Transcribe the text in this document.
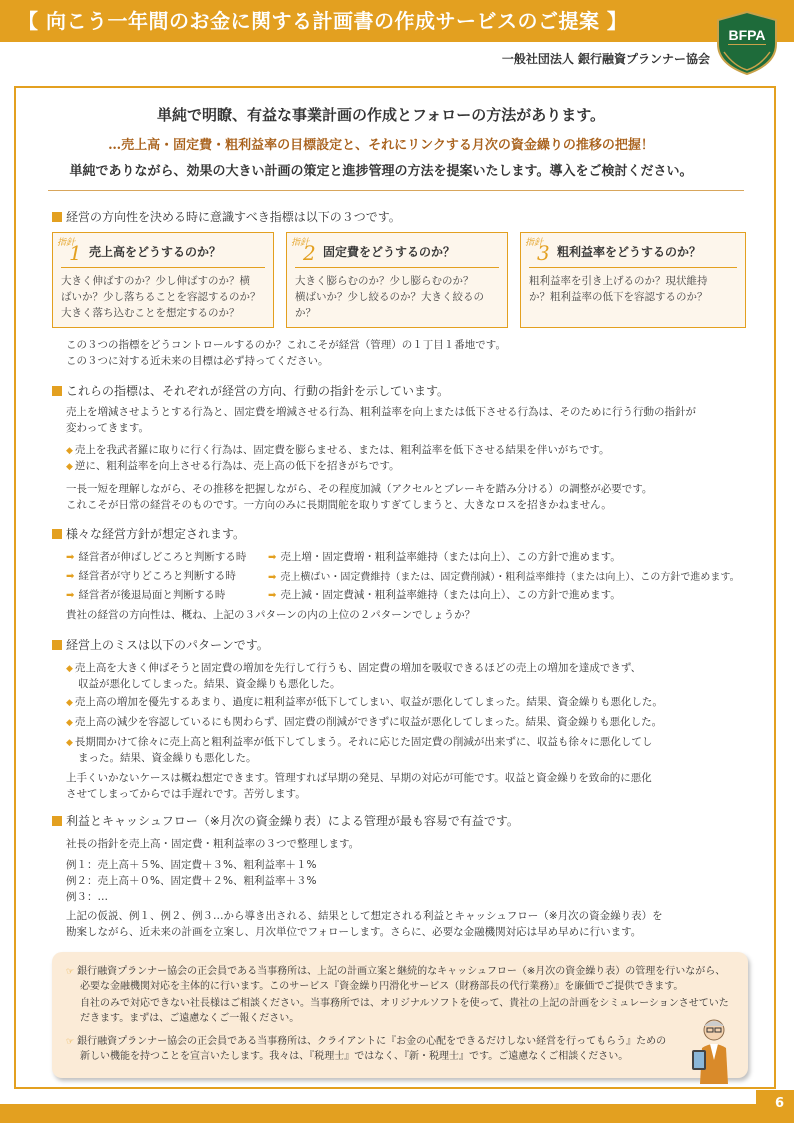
【 向こう一年間のお金に関する計画書の作成サービスのご提案 】
一般社団法人 銀行融資プランナー協会
BFPA
単純で明瞭、有益な事業計画の作成とフォローの方法があります。
…売上高・固定費・粗利益率の目標設定と、それにリンクする月次の資金繰りの推移の把握！
単純でありながら、効果の大きい計画の策定と進捗管理の方法を提案いたします。導入をご検討ください。
経営の方向性を決める時に意識すべき指標は以下の３つです。
指針
1 売上高をどうするのか？
大きく伸ばすのか？少し伸ばすのか？横
ばいか？少し落ちることを容認するのか？
大きく落ち込むことを想定するのか？
指針
2 固定費をどうするのか？
大きく膨らむのか？少し膨らむのか？
横ばいか？少し絞るのか？大きく絞るの
か？
指針
3 粗利益率をどうするのか？
粗利益率を引き上げるのか？現状維持
か？粗利益率の低下を容認するのか？
この３つの指標をどうコントロールするのか？これこそが経営（管理）の１丁目１番地です。
この３つに対する近未来の目標は必ず持ってください。
これらの指標は、それぞれが経営の方向、行動の指針を示しています。
売上を増減させようとする行為と、固定費を増減させる行為、粗利益率を向上または低下させる行為は、そのために行う行動の指針が
変わってきます。
◆ 売上を我武者羅に取りに行く行為は、固定費を膨らませる、または、粗利益率を低下させる結果を伴いがちです。
◆ 逆に、粗利益率を向上させる行為は、売上高の低下を招きがちです。
一長一短を理解しながら、その推移を把握しながら、その程度加減（アクセルとブレーキを踏み分ける）の調整が必要です。
これこそが日常の経営そのものです。一方向のみに長期間舵を取りすぎてしまうと、大きなロスを招きかねません。
様々な経営方針が想定されます。
➡ 経営者が伸ばしどころと判断する時 ➡ 売上増・固定費増・粗利益率維持（または向上）、この方針で進めます。
➡ 経営者が守りどころと判断する時	➡ 売上横ばい・固定費維持（または、固定費削減）・粗利益率維持（または向上）、この方針で進めます。
➡ 経営者が後退局面と判断する時	➡ 売上減・固定費減・粗利益率維持（または向上）、この方針で進めます。
貴社の経営の方向性は、概ね、上記の３パターンの内の上位の２パターンでしょうか？
経営上のミスは以下のパターンです。
◆ 売上高を大きく伸ばそうと固定費の増加を先行して行うも、固定費の増加を吸収できるほどの売上の増加を達成できず、
収益が悪化してしまった。結果、資金繰りも悪化した。
◆ 売上高の増加を優先するあまり、過度に粗利益率が低下してしまい、収益が悪化してしまった。結果、資金繰りも悪化した。
◆ 売上高の減少を容認しているにも関わらず、固定費の削減ができずに収益が悪化してしまった。結果、資金繰りも悪化した。
◆ 長期間かけて徐々に売上高と粗利益率が低下してしまう。それに応じた固定費の削減が出来ずに、収益も徐々に悪化してし
まった。結果、資金繰りも悪化した。
上手くいかないケースは概ね想定できます。管理すれば早期の発見、早期の対応が可能です。収益と資金繰りを致命的に悪化
させてしまってからでは手遅れです。苦労します。
利益とキャッシュフロー（※月次の資金繰り表）による管理が最も容易で有益です。
社長の指針を売上高・固定費・粗利益率の３つで整理します。
例１：売上高＋５%、固定費＋３%、粗利益率＋１%
例２：売上高＋０%、固定費＋２%、粗利益率＋３%
例３：…
上記の仮説、例１、例２、例３…から導き出される、結果として想定される利益とキャッシュフロー（※月次の資金繰り表）を
勘案しながら、近未来の計画を立案し、月次単位でフォローします。さらに、必要な金融機関対応は早め早めに行います。
☞ 銀行融資プランナー協会の正会員である当事務所は、上記の計画立案と継続的なキャッシュフロー（※月次の資金繰り表）の管理を行いながら、
必要な金融機関対応を主体的に行います。このサービス『資金繰り円滑化サービス（財務部長の代行業務）』を廉価でご提供できます。
自社のみで対応できない社長様はご相談ください。当事務所では、オリジナルソフトを使って、貴社の上記の計画をシミュレーションさせていた
だきます。まずは、ご遠慮なくご一報ください。
☞ 銀行融資プランナー協会の正会員である当事務所は、クライアントに『お金の心配をできるだけしない経営を行ってもらう』ための
新しい機能を持つことを宣言いたします。我々は、『税理士』ではなく、『新・税理士』です。ご遠慮なくご相談ください。
6
